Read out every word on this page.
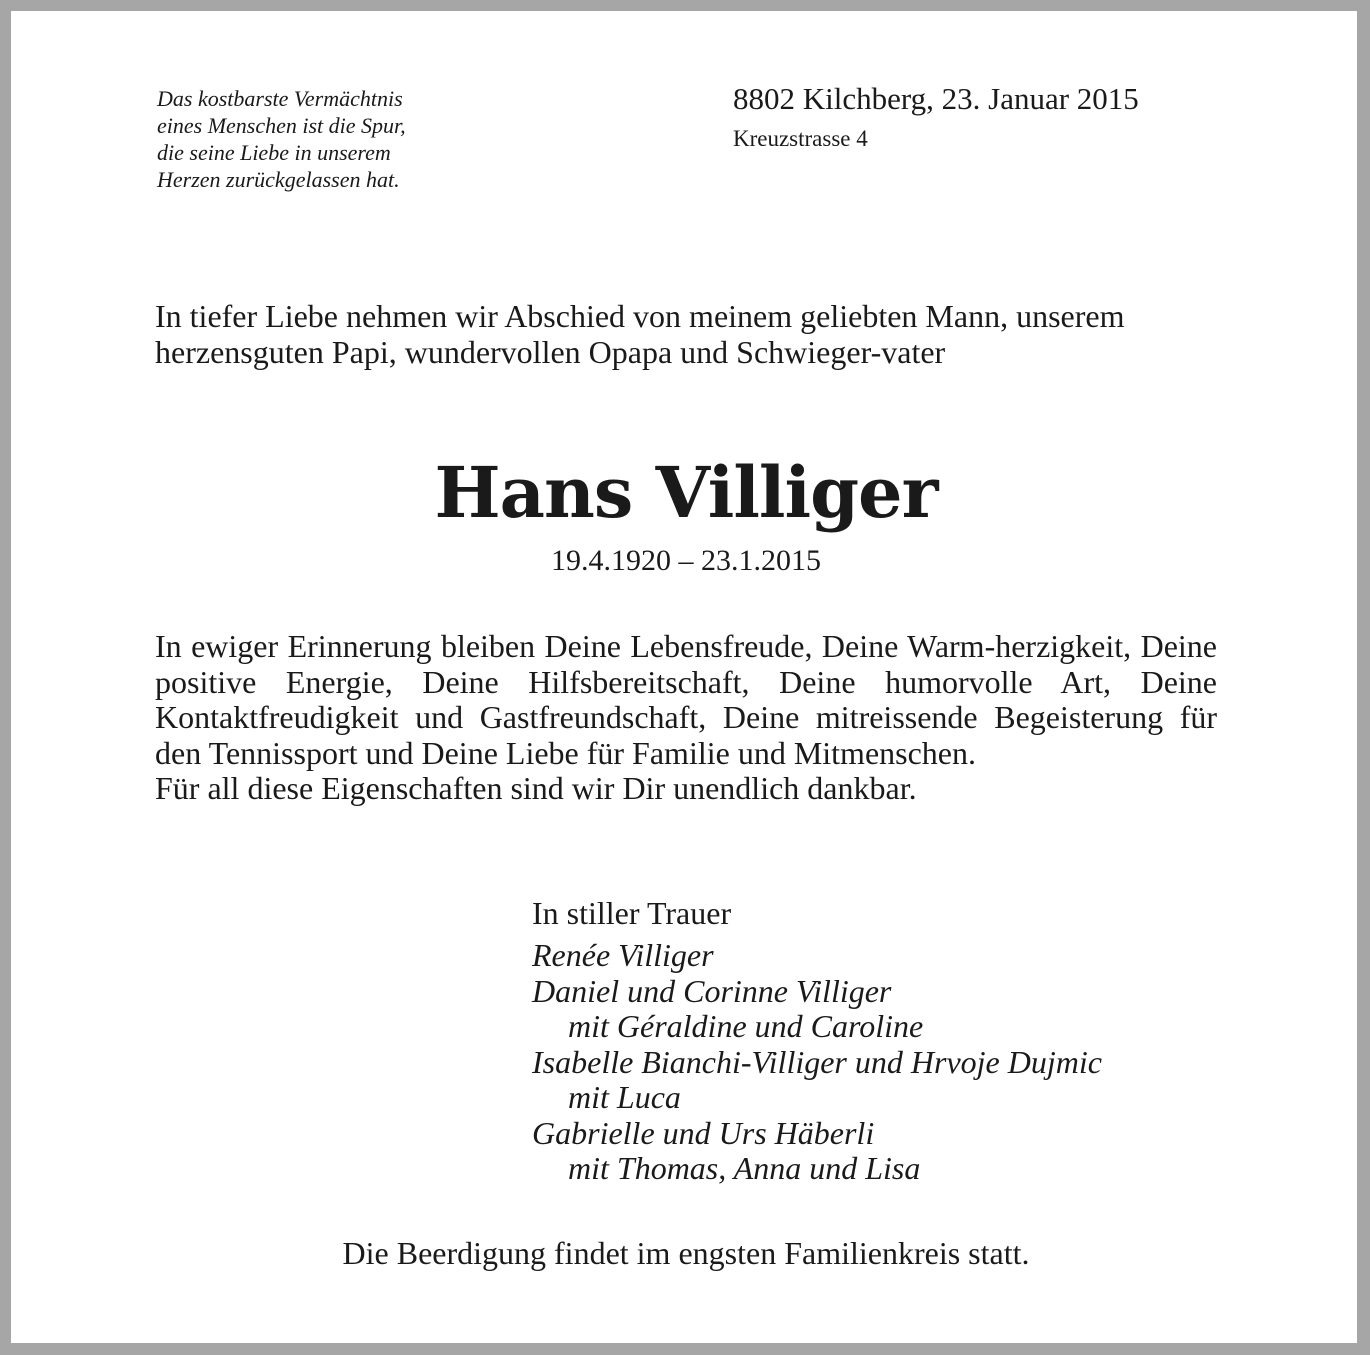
Das kostbarste Vermächtnis
eines Menschen ist die Spur,
die seine Liebe in unserem
Herzen zurückgelassen hat.
8802 Kilchberg, 23. Januar 2015
Kreuzstrasse 4
In tiefer Liebe nehmen wir Abschied von meinem geliebten Mann, unserem herzensguten Papi, wundervollen Opapa und Schwieger-vater
Hans Villiger
19.4.1920 – 23.1.2015
In ewiger Erinnerung bleiben Deine Lebensfreude, Deine Warm-herzigkeit, Deine positive Energie, Deine Hilfsbereitschaft, Deine humorvolle Art, Deine Kontaktfreudigkeit und Gastfreundschaft, Deine mitreissende Begeisterung für den Tennissport und Deine Liebe für Familie und Mitmenschen.
Für all diese Eigenschaften sind wir Dir unendlich dankbar.
In stiller Trauer
Renée Villiger
Daniel und Corinne Villiger
mit Géraldine und Caroline
Isabelle Bianchi-Villiger und Hrvoje Dujmic
mit Luca
Gabrielle und Urs Häberli
mit Thomas, Anna und Lisa
Die Beerdigung findet im engsten Familienkreis statt.
